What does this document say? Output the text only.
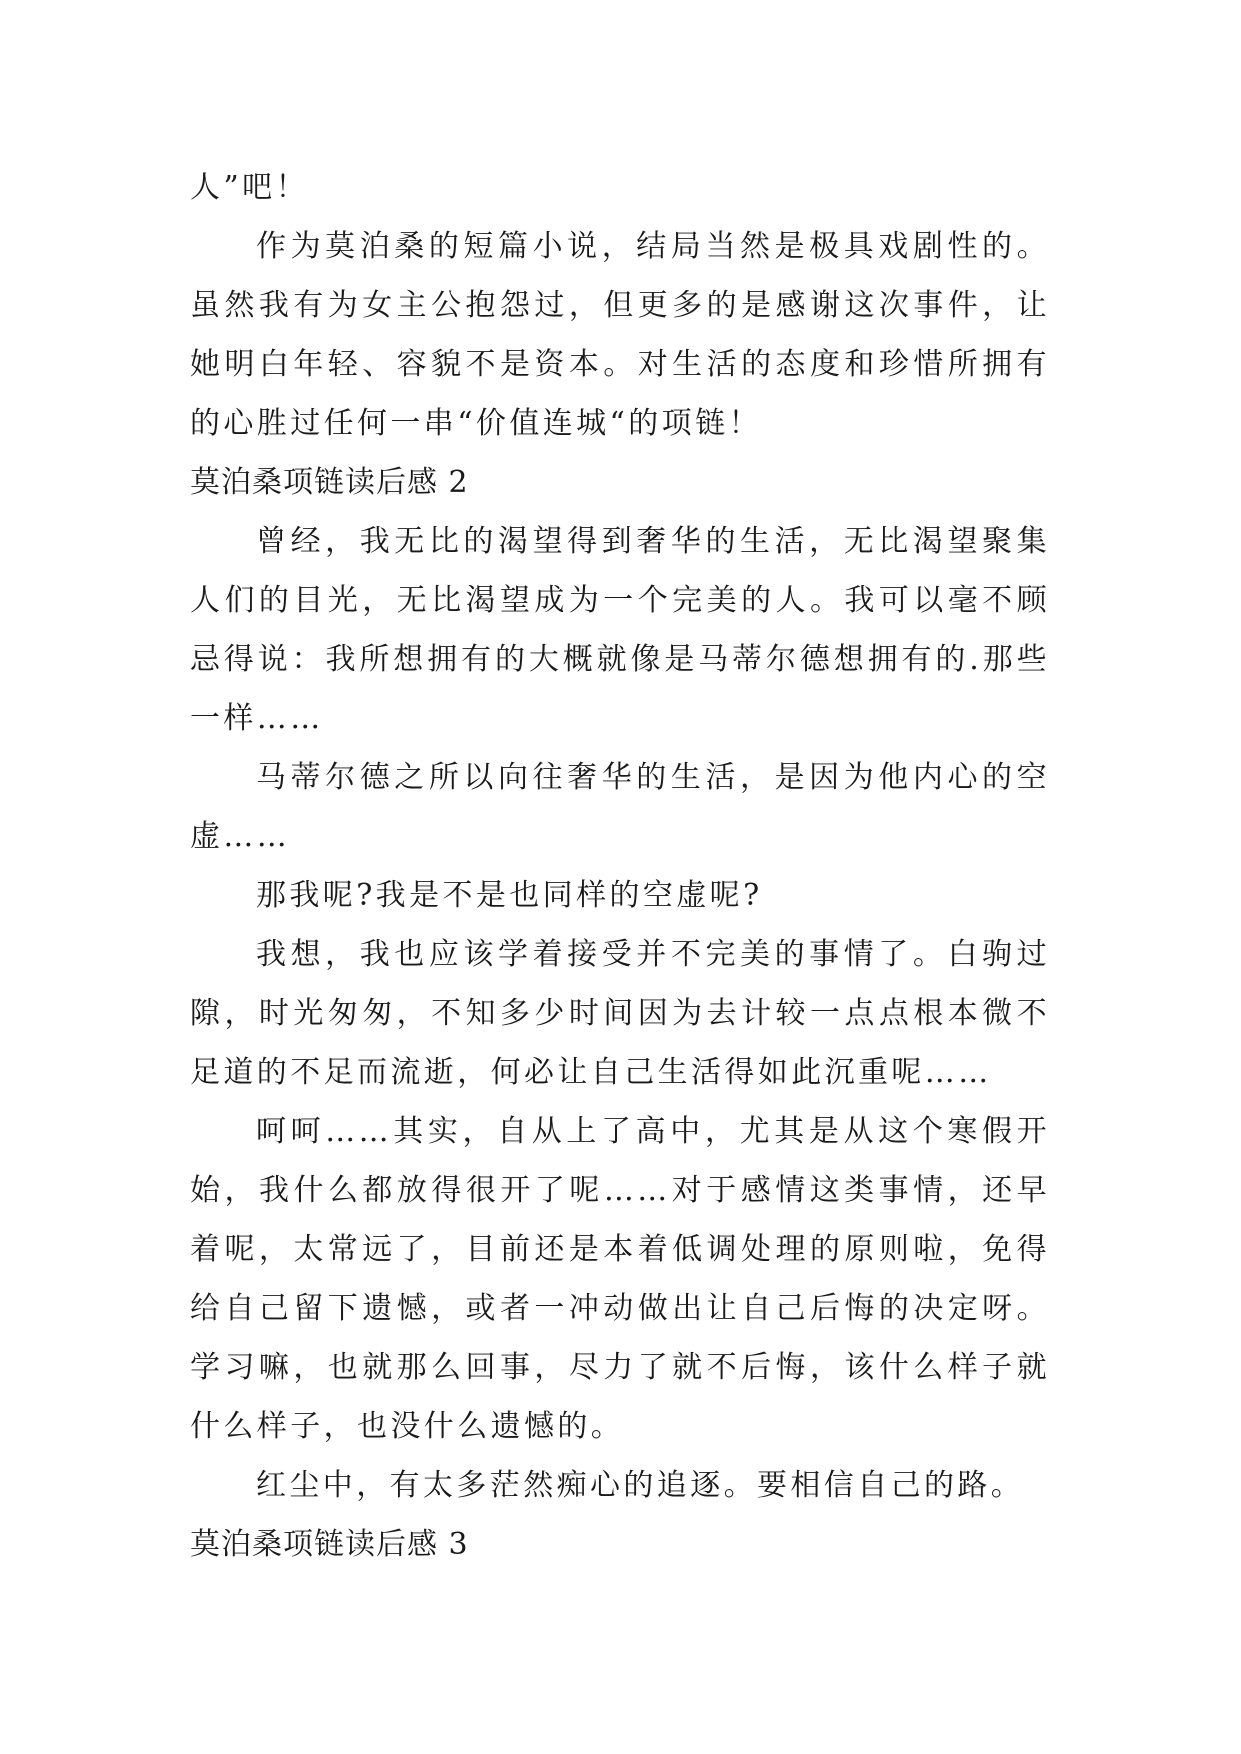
人”吧！

作为莫泊桑的短篇小说，结局当然是极具戏剧性的。虽然我有为女主公抱怨过，但更多的是感谢这次事件，让她明白年轻、容貌不是资本。对生活的态度和珍惜所拥有的心胜过任何一串“价值连城“的项链！

莫泊桑项链读后感 2

曾经，我无比的渴望得到奢华的生活，无比渴望聚集人们的目光，无比渴望成为一个完美的人。我可以毫不顾忌得说：我所想拥有的大概就像是马蒂尔德想拥有的.那些一样……

马蒂尔德之所以向往奢华的生活，是因为他内心的空虚……

那我呢?我是不是也同样的空虚呢?

我想，我也应该学着接受并不完美的事情了。白驹过隙，时光匆匆，不知多少时间因为去计较一点点根本微不足道的不足而流逝，何必让自己生活得如此沉重呢……

呵呵……其实，自从上了高中，尤其是从这个寒假开始，我什么都放得很开了呢……对于感情这类事情，还早着呢，太常远了，目前还是本着低调处理的原则啦，免得给自己留下遗憾，或者一冲动做出让自己后悔的决定呀。学习嘛，也就那么回事，尽力了就不后悔，该什么样子就什么样子，也没什么遗憾的。

红尘中，有太多茫然痴心的追逐。要相信自己的路。

莫泊桑项链读后感 3
